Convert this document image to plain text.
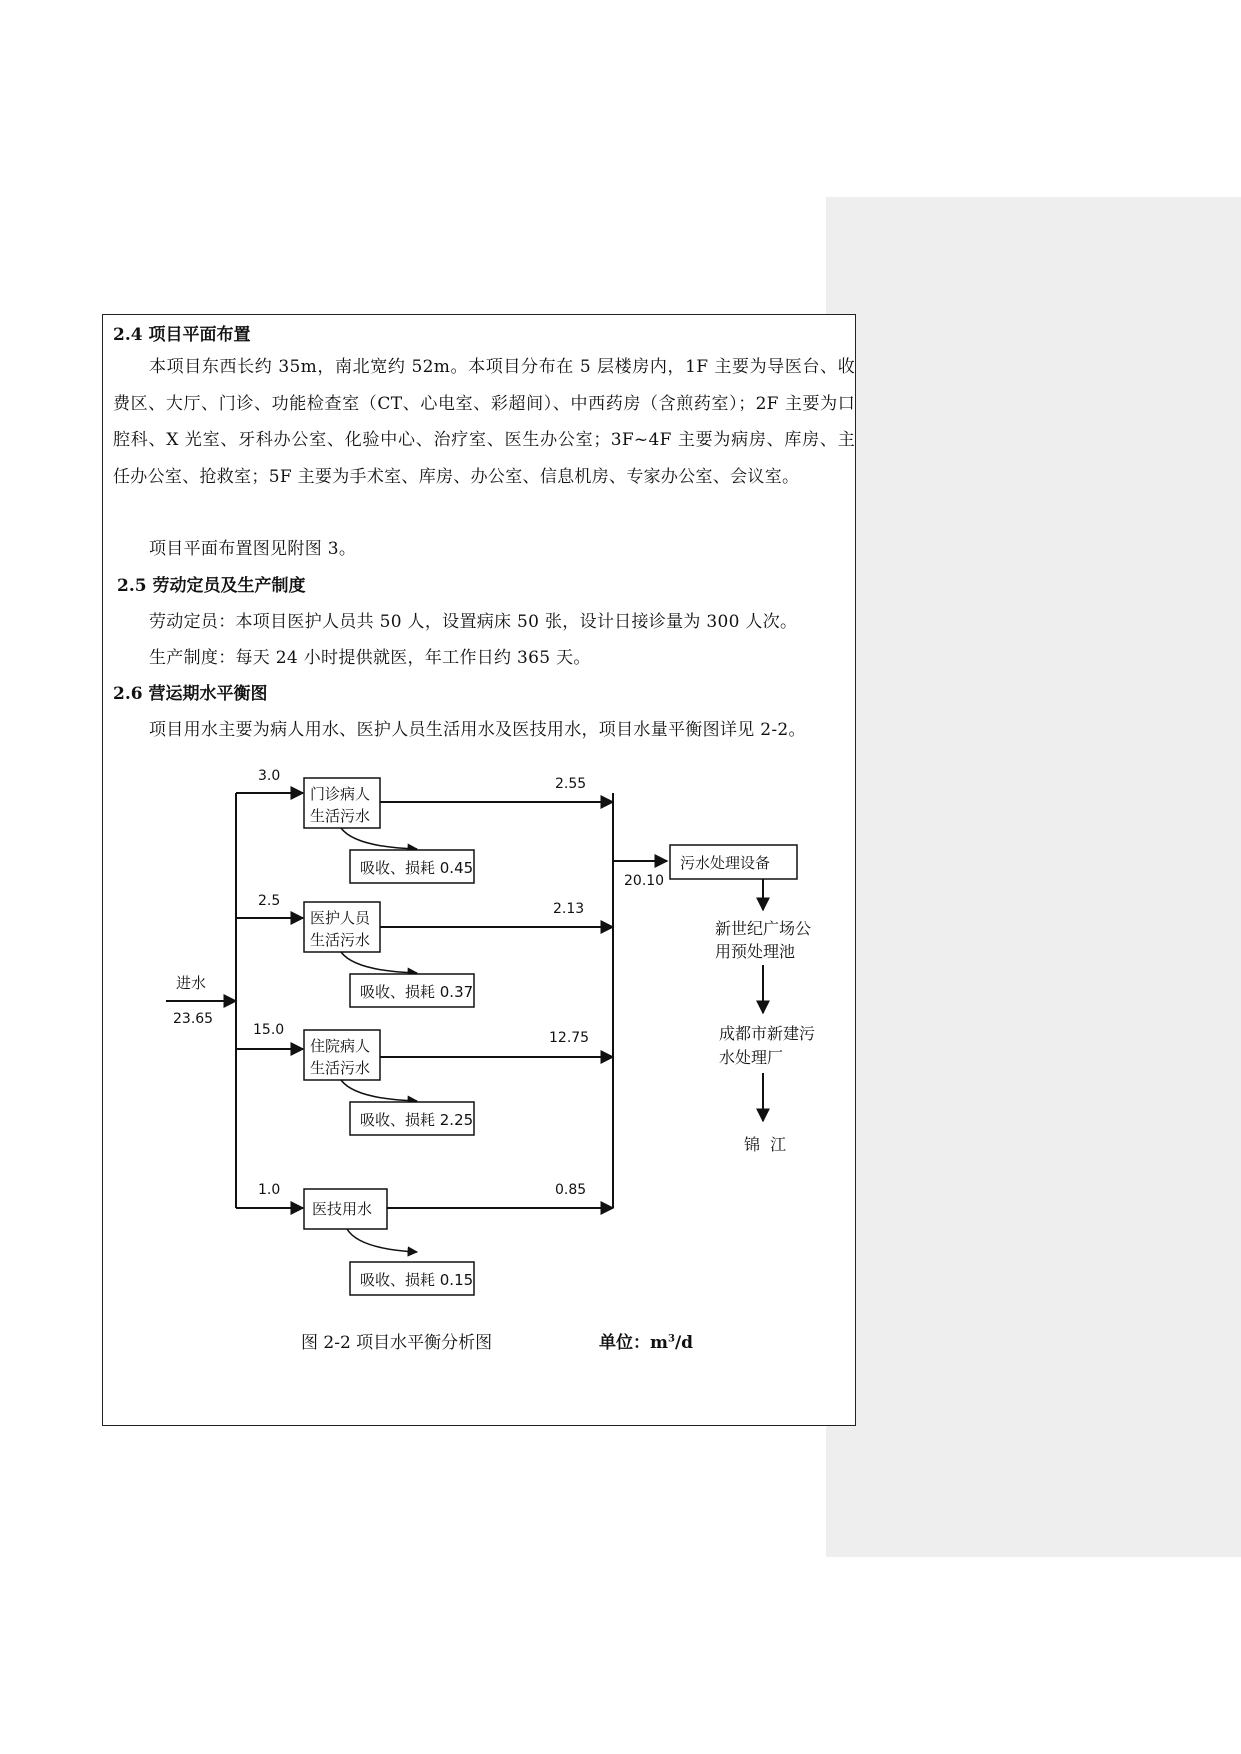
2.4 项目平面布置
本项目东西长约 35m，南北宽约 52m。本项目分布在 5 层楼房内，1F 主要为导医台、收费区、大厅、门诊、功能检查室（CT、心电室、彩超间）、中西药房（含煎药室）；2F 主要为口腔科、X 光室、牙科办公室、化验中心、治疗室、医生办公室；3F~4F 主要为病房、库房、主任办公室、抢救室；5F 主要为手术室、库房、办公室、信息机房、专家办公室、会议室。
项目平面布置图见附图 3。
2.5 劳动定员及生产制度
劳动定员：本项目医护人员共 50 人，设置病床 50 张，设计日接诊量为 300 人次。
生产制度：每天 24 小时提供就医，年工作日约 365 天。
2.6 营运期水平衡图
项目用水主要为病人用水、医护人员生活用水及医技用水，项目水量平衡图详见 2-2。
进水
23.65
3.0
门诊病人
生活污水
2.55
吸收、损耗 0.45
2.5
医护人员
生活污水
2.13
吸收、损耗 0.37
15.0
住院病人
生活污水
12.75
吸收、损耗 2.25
1.0
医技用水
0.85
吸收、损耗 0.15
20.10
污水处理设备
新世纪广场公
用预处理池
成都市新建污
水处理厂
锦  江
图 2-2 项目水平衡分析图	单位：$m^3/d$
